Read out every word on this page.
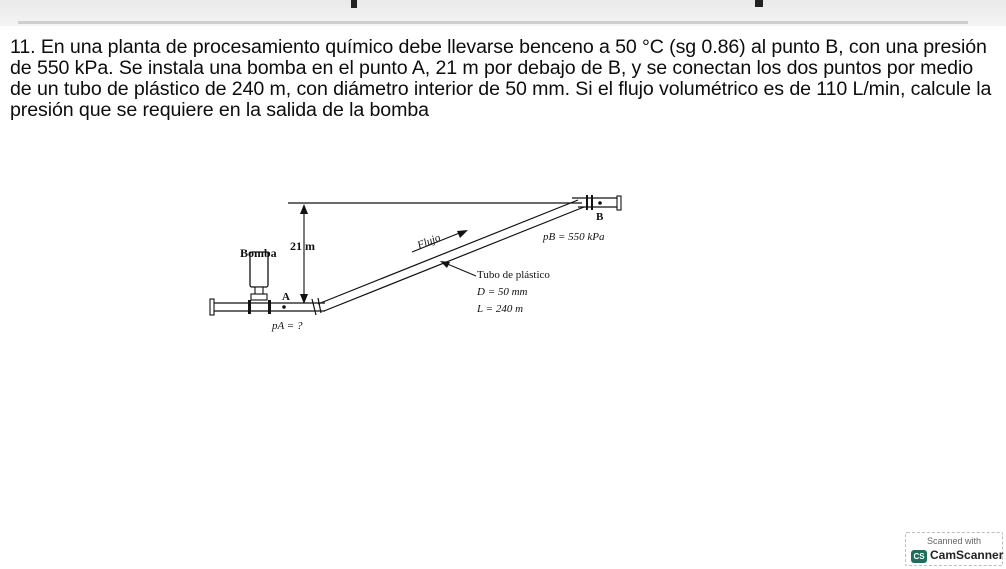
11. En una planta de procesamiento químico debe llevarse benceno a 50 °C (sg 0.86) al punto B, con una presión de 550 kPa. Se instala una bomba en el punto A, 21 m por debajo de B, y se conectan los dos puntos por medio de un tubo de plástico de 240 m, con diámetro interior de 50 mm. Si el flujo volumétrico es de 110 L/min, calcule la presión que se requiere en la salida de la bomba

Bomba 21 m	Flujo
A
B
pB = 550 kPa
pA = ?
Tubo de plástico
D = 50 mm
L = 240 m
Scanned with
CS CamScanner
